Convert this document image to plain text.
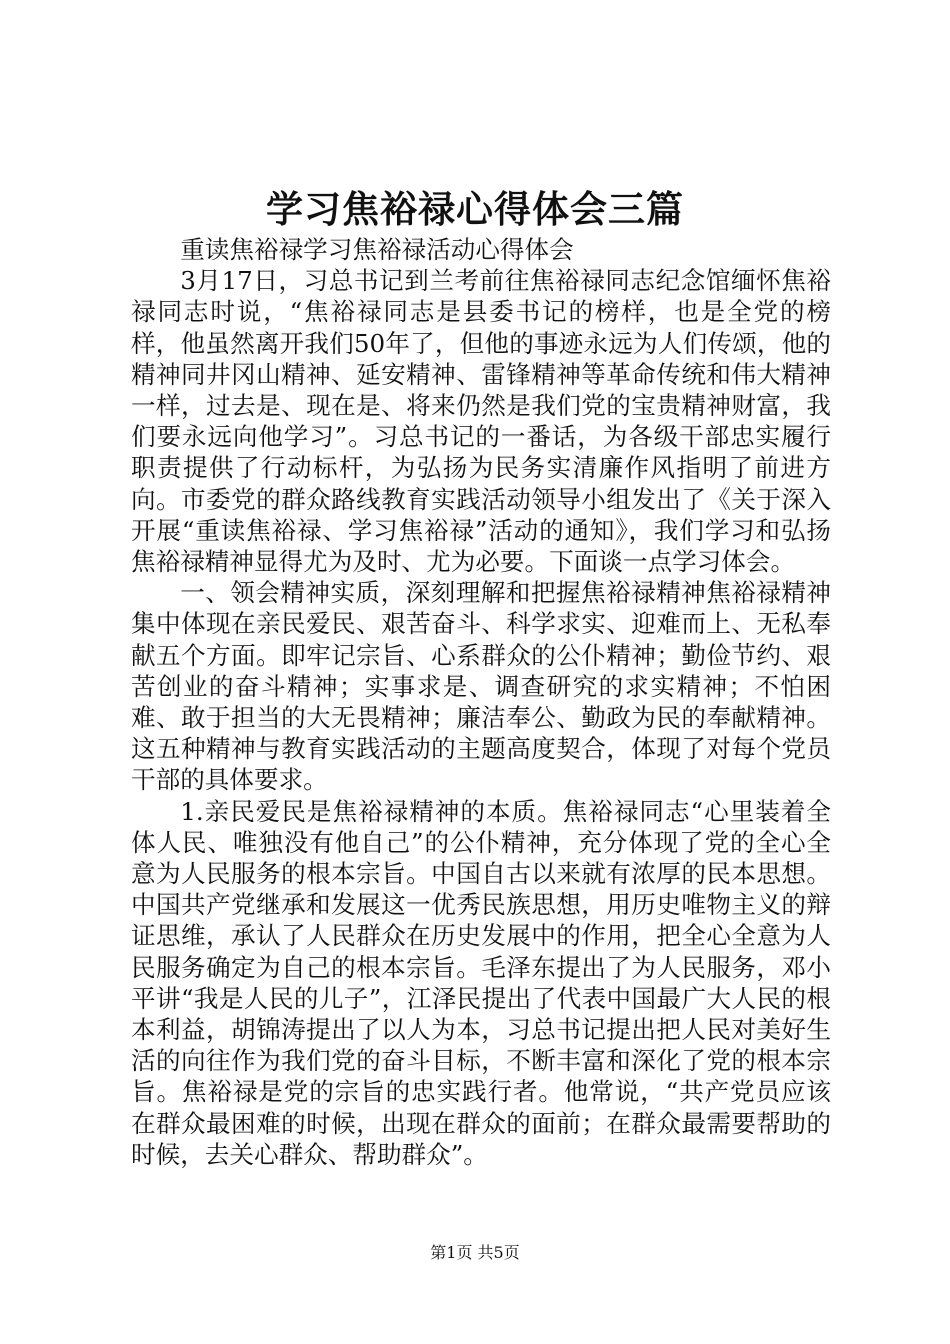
学习焦裕禄心得体会三篇

重读焦裕禄学习焦裕禄活动心得体会

3月17日，习总书记到兰考前往焦裕禄同志纪念馆缅怀焦裕禄同志时说，“焦裕禄同志是县委书记的榜样，也是全党的榜样，他虽然离开我们50年了，但他的事迹永远为人们传颂，他的精神同井冈山精神、延安精神、雷锋精神等革命传统和伟大精神一样，过去是、现在是、将来仍然是我们党的宝贵精神财富，我们要永远向他学习”。习总书记的一番话，为各级干部忠实履行职责提供了行动标杆，为弘扬为民务实清廉作风指明了前进方向。市委党的群众路线教育实践活动领导小组发出了《关于深入开展“重读焦裕禄、学习焦裕禄”活动的通知》，我们学习和弘扬焦裕禄精神显得尤为及时、尤为必要。下面谈一点学习体会。

一、领会精神实质，深刻理解和把握焦裕禄精神焦裕禄精神集中体现在亲民爱民、艰苦奋斗、科学求实、迎难而上、无私奉献五个方面。即牢记宗旨、心系群众的公仆精神；勤俭节约、艰苦创业的奋斗精神；实事求是、调查研究的求实精神；不怕困难、敢于担当的大无畏精神；廉洁奉公、勤政为民的奉献精神。这五种精神与教育实践活动的主题高度契合，体现了对每个党员干部的具体要求。

1.亲民爱民是焦裕禄精神的本质。焦裕禄同志“心里装着全体人民、唯独没有他自己”的公仆精神，充分体现了党的全心全意为人民服务的根本宗旨。中国自古以来就有浓厚的民本思想。中国共产党继承和发展这一优秀民族思想，用历史唯物主义的辩证思维，承认了人民群众在历史发展中的作用，把全心全意为人民服务确定为自己的根本宗旨。毛泽东提出了为人民服务，邓小平讲“我是人民的儿子”，江泽民提出了代表中国最广大人民的根本利益，胡锦涛提出了以人为本，习总书记提出把人民对美好生活的向往作为我们党的奋斗目标，不断丰富和深化了党的根本宗旨。焦裕禄是党的宗旨的忠实践行者。他常说，“共产党员应该在群众最困难的时候，出现在群众的面前；在群众最需要帮助的时候，去关心群众、帮助群众”。

第1页 共5页
